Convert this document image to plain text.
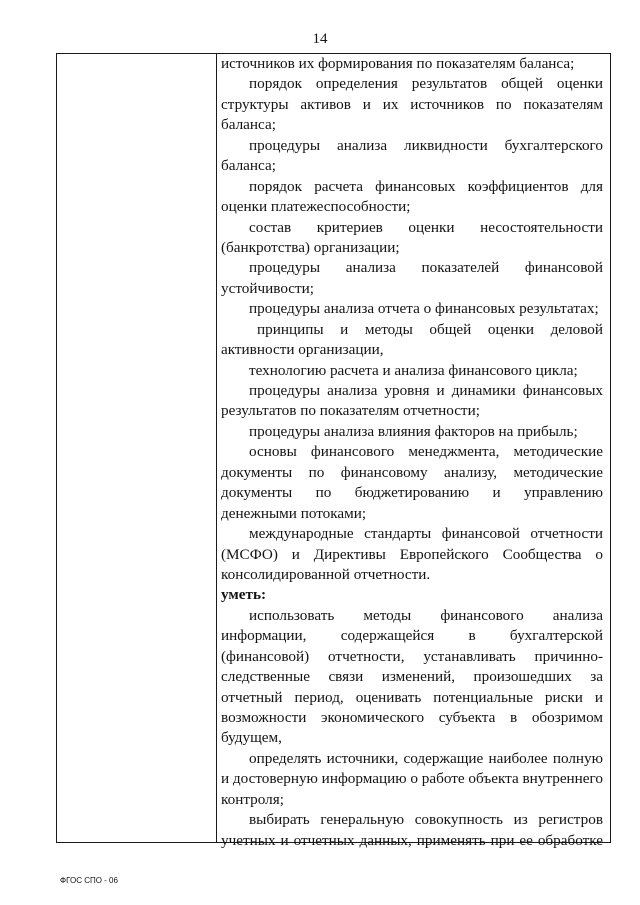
14
источников их формирования по показателям баланса;
порядок определения результатов общей оценки
структуры активов и их источников по показателям
баланса;
процедуры анализа ликвидности бухгалтерского
баланса;
порядок расчета финансовых коэффициентов для
оценки платежеспособности;
состав критериев оценки несостоятельности
(банкротства) организации;
процедуры анализа показателей финансовой
устойчивости;
процедуры анализа отчета о финансовых результатах;
принципы и методы общей оценки деловой
активности организации,
технологию расчета и анализа финансового цикла;
процедуры анализа уровня и динамики финансовых
результатов по показателям отчетности;
процедуры анализа влияния факторов на прибыль;
основы финансового менеджмента, методические
документы по финансовому анализу, методические
документы по бюджетированию и управлению
денежными потоками;
международные стандарты финансовой отчетности
(МСФО) и Директивы Европейского Сообщества о
консолидированной отчетности.
уметь:
использовать методы финансового анализа
информации, содержащейся в бухгалтерской
(финансовой) отчетности, устанавливать причинно-
следственные связи изменений, произошедших за
отчетный период, оценивать потенциальные риски и
возможности экономического субъекта в обозримом
будущем,
определять источники, содержащие наиболее полную
и достоверную информацию о работе объекта внутреннего
контроля;
выбирать генеральную совокупность из регистров
учетных и отчетных данных, применять при ее обработке
ФГОС СПО - 06
